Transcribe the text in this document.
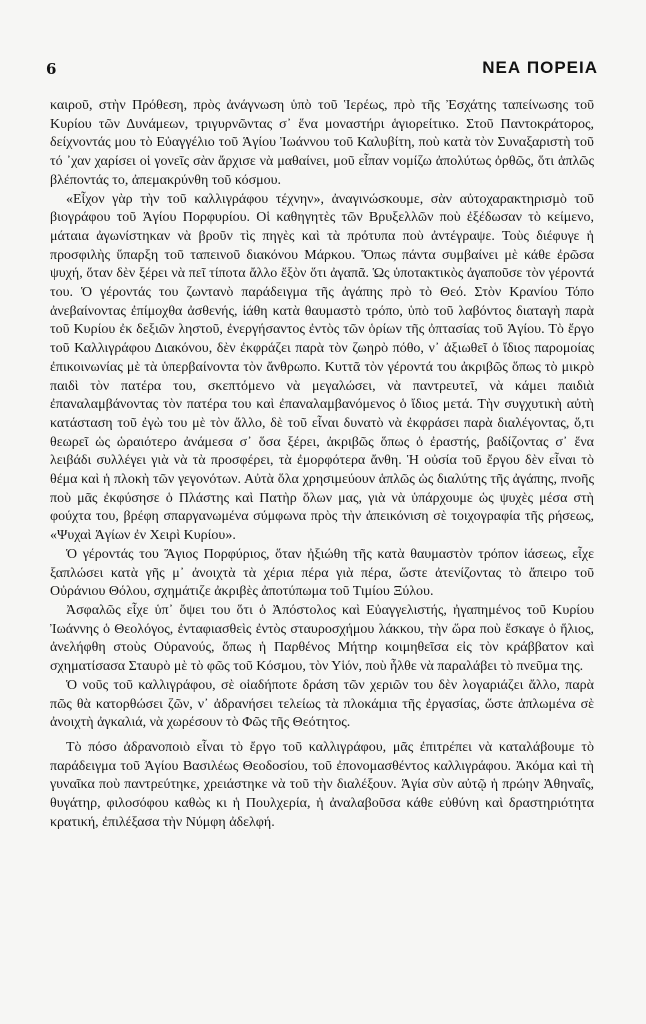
6	ΝΕΑ ΠΟΡΕΙΑ

καιροῦ, στὴν Πρόθεση, πρὸς ἀνάγνωση ὑπὸ τοῦ Ἱερέως, πρὸ τῆς Ἐσχάτης ταπείνωσης τοῦ Κυρίου τῶν Δυνάμεων, τριγυρνῶντας σ᾿ ἕνα μοναστήρι ἁγιορείτικο. Στοῦ Παντοκράτορος, δείχνοντάς μου τὸ Εὐαγγέλιο τοῦ Ἁγίου Ἰωάννου τοῦ Καλυβίτη, ποὺ κατὰ τὸν Συναξαριστὴ τοῦ τό ᾿χαν χαρίσει οἱ γονεῖς σὰν ἄρχισε νὰ μαθαίνει, μοῦ εἶπαν νομίζω ἀπολύτως ὀρθῶς, ὅτι ἁπλῶς βλέποντάς το, ἀπεμακρύνθη τοῦ κόσμου.

«Εἶχον γὰρ τὴν τοῦ καλλιγράφου τέχνην», ἀναγινώσκουμε, σὰν αὐτοχαρακτηρισμὸ τοῦ βιογράφου τοῦ Ἁγίου Πορφυρίου. Οἱ καθηγητὲς τῶν Βρυξελλῶν ποὺ ἐξέδωσαν τὸ κείμενο, μάταια ἀγωνίστηκαν νὰ βροῦν τὶς πηγὲς καὶ τὰ πρότυπα ποὺ ἀντέγραψε. Τοὺς διέφυγε ἡ προσφιλὴς ὕπαρξη τοῦ ταπεινοῦ διακόνου Μάρκου. Ὅπως πάντα συμβαίνει μὲ κάθε ἐρῶσα ψυχή, ὅταν δὲν ξέρει νὰ πεῖ τίποτα ἄλλο ἔξὸν ὅτι ἀγαπᾶ. Ὡς ὑποτακτικὸς ἀγαποῦσε τὸν γέροντά του. Ὁ γέροντάς του ζωντανὸ παράδειγμα τῆς ἀγάπης πρὸ τὸ Θεό. Στὸν Κρανίου Τόπο ἀνεβαίνοντας ἐπίμοχθα ἀσθενής, ἰάθη κατὰ θαυμαστὸ τρόπο, ὑπὸ τοῦ λαβόντος διαταγὴ παρὰ τοῦ Κυρίου ἐκ δεξιῶν ληστοῦ, ἐνεργήσαντος ἐντὸς τῶν ὁρίων τῆς ὀπτασίας τοῦ Ἁγίου. Τὸ ἔργο τοῦ Καλλιγράφου Διακόνου, δὲν ἐκφράζει παρὰ τὸν ζωηρὸ πόθο, ν᾿ ἀξιωθεῖ ὁ ἴδιος παρομοίας ἐπικοινωνίας μὲ τὰ ὑπερβαίνοντα τὸν ἄνθρωπο. Κυττᾶ τὸν γέροντά του ἀκριβῶς ὅπως τὸ μικρὸ παιδὶ τὸν πατέρα του, σκεπτόμενο νὰ μεγαλώσει, νὰ παντρευτεῖ, νὰ κάμει παιδιὰ ἐπαναλαμβάνοντας τὸν πατέρα του καὶ ἐπαναλαμβανόμενος ὁ ἴδιος μετά. Τὴν συγχυτικὴ αὐτὴ κατάσταση τοῦ ἐγὼ του μὲ τὸν ἄλλο, δὲ τοῦ εἶναι δυνατὸ νὰ ἐκφράσει παρὰ διαλέγοντας, ὅ,τι θεωρεῖ ὡς ὡραιότερο ἀνάμεσα σ᾿ ὅσα ξέρει, ἀκριβῶς ὅπως ὁ ἐραστής, βαδίζοντας σ᾿ ἕνα λειβάδι συλλέγει γιὰ νὰ τὰ προσφέρει, τὰ ἐμορφότερα ἄνθη. Ἡ οὐσία τοῦ ἔργου δὲν εἶναι τὸ θέμα καὶ ἡ πλοκὴ τῶν γεγονότων. Αὐτὰ ὅλα χρησιμεύουν ἁπλῶς ὡς διαλύτης τῆς ἀγάπης, πνοῆς ποὺ μᾶς ἐκφύσησε ὁ Πλάστης καὶ Πατὴρ ὅλων μας, γιὰ νὰ ὑπάρχουμε ὡς ψυχὲς μέσα στὴ φούχτα του, βρέφη σπαργανωμένα σύμφωνα πρὸς τὴν ἀπεικόνιση σὲ τοιχογραφία τῆς ρήσεως, «Ψυχαὶ Ἁγίων ἐν Χειρὶ Κυρίου».

Ὁ γέροντάς του Ἅγιος Πορφύριος, ὅταν ἠξιώθη τῆς κατὰ θαυμαστὸν τρόπον ἰάσεως, εἶχε ξαπλώσει κατὰ γῆς μ᾿ ἀνοιχτὰ τὰ χέρια πέρα γιὰ πέρα, ὥστε ἀτενίζοντας τὸ ἄπειρο τοῦ Οὐράνιου Θόλου, σχημάτιζε ἀκριβὲς ἀποτύπωμα τοῦ Τιμίου Ξύλου.

Ἀσφαλῶς εἶχε ὑπ᾿ ὄψει του ὅτι ὁ Ἀπόστολος καὶ Εὐαγγελιστής, ἠγαπημένος τοῦ Κυρίου Ἰωάννης ὁ Θεολόγος, ἐνταφιασθεὶς ἐντὸς σταυροσχήμου λάκκου, τὴν ὥρα ποὺ ἔσκαγε ὁ ἥλιος, ἀνελήφθη στοὺς Οὐρανούς, ὅπως ἡ Παρθένος Μήτηρ κοιμηθεῖσα εἰς τὸν κράββατον καὶ σχηματίσασα Σταυρὸ μὲ τὸ φῶς τοῦ Κόσμου, τὸν Υἱόν, ποὺ ἦλθε νὰ παραλάβει τὸ πνεῦμα της.

Ὁ νοῦς τοῦ καλλιγράφου, σὲ οἱαδήποτε δράση τῶν χεριῶν του δὲν λογαριάζει ἄλλο, παρὰ πῶς θὰ κατορθώσει ζῶν, ν᾿ ἀδρανήσει τελείως τὰ πλοκάμια τῆς ἐργασίας, ὥστε ἁπλωμένα σὲ ἀνοιχτὴ ἀγκαλιά, νὰ χωρέσουν τὸ Φῶς τῆς Θεότητος.

Τὸ πόσο ἀδρανοποιὸ εἶναι τὸ ἔργο τοῦ καλλιγράφου, μᾶς ἐπιτρέπει νὰ καταλάβουμε τὸ παράδειγμα τοῦ Ἁγίου Βασιλέως Θεοδοσίου, τοῦ ἐπονομασθέντος καλλιγράφου. Ἀκόμα καὶ τὴ γυναῖκα ποὺ παντρεύτηκε, χρειάστηκε νὰ τοῦ τὴν διαλέξουν. Ἁγία σὺν αὐτῷ ἡ πρώην Ἀθηναΐς, θυγάτηρ, φιλοσόφου καθὼς κι ἡ Πουλχερία, ἡ ἀναλαβοῦσα κάθε εὐθύνη καὶ δραστηριότητα κρατική, ἐπιλέξασα τὴν Νύμφη ἀδελφή.
